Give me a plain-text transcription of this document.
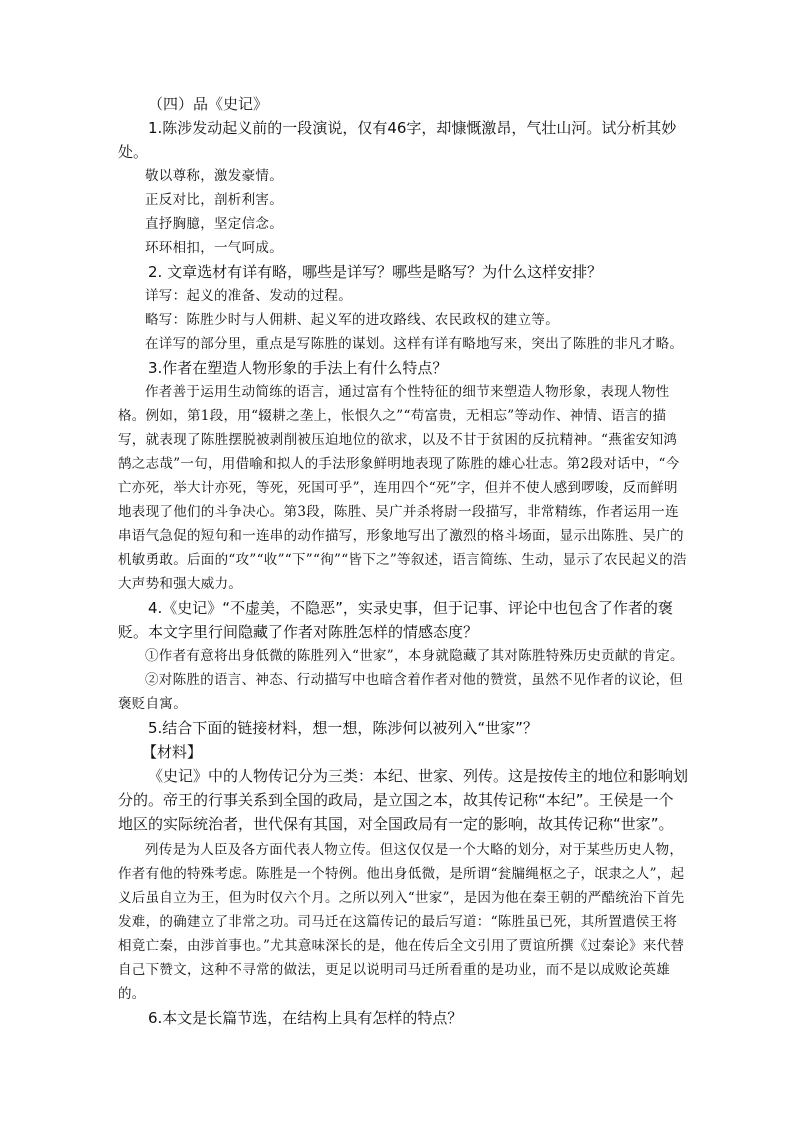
（四）品《史记》

1.陈涉发动起义前的一段演说，仅有46字，却慷慨激昂，气壮山河。试分析其妙处。

敬以尊称，激发豪情。

正反对比，剖析利害。

直抒胸臆，坚定信念。

环环相扣，一气呵成。

2. 文章选材有详有略，哪些是详写？哪些是略写？为什么这样安排？

详写：起义的准备、发动的过程。

略写：陈胜少时与人佣耕、起义军的进攻路线、农民政权的建立等。

在详写的部分里，重点是写陈胜的谋划。这样有详有略地写来，突出了陈胜的非凡才略。

3.作者在塑造人物形象的手法上有什么特点？

作者善于运用生动简练的语言，通过富有个性特征的细节来塑造人物形象，表现人物性格。例如，第1段，用“辍耕之垄上，怅恨久之”“苟富贵，无相忘”等动作、神情、语言的描写，就表现了陈胜摆脱被剥削被压迫地位的欲求，以及不甘于贫困的反抗精神。“燕雀安知鸿鹄之志哉”一句，用借喻和拟人的手法形象鲜明地表现了陈胜的雄心壮志。第2段对话中，“今亡亦死，举大计亦死，等死，死国可乎”，连用四个“死”字，但并不使人感到啰唆，反而鲜明地表现了他们的斗争决心。第3段，陈胜、吴广并杀将尉一段描写，非常精练，作者运用一连串语气急促的短句和一连串的动作描写，形象地写出了激烈的格斗场面，显示出陈胜、吴广的机敏勇敢。后面的“攻”“收”“下”“徇”“皆下之”等叙述，语言简练、生动，显示了农民起义的浩大声势和强大威力。

4.《史记》“不虚美，不隐恶”，实录史事，但于记事、评论中也包含了作者的褒贬。本文字里行间隐藏了作者对陈胜怎样的情感态度？

①作者有意将出身低微的陈胜列入“世家”，本身就隐藏了其对陈胜特殊历史贡献的肯定。

②对陈胜的语言、神态、行动描写中也暗含着作者对他的赞赏，虽然不见作者的议论，但褒贬自寓。

5.结合下面的链接材料，想一想，陈涉何以被列入“世家”？

【材料】

《史记》中的人物传记分为三类：本纪、世家、列传。这是按传主的地位和影响划分的。帝王的行事关系到全国的政局，是立国之本，故其传记称“本纪”。王侯是一个地区的实际统治者，世代保有其国，对全国政局有一定的影响，故其传记称“世家”。

列传是为人臣及各方面代表人物立传。但这仅仅是一个大略的划分，对于某些历史人物，作者有他的特殊考虑。陈胜是一个特例。他出身低微，是所谓“瓮牖绳枢之子，氓隶之人”，起义后虽自立为王，但为时仅六个月。之所以列入“世家”，是因为他在秦王朝的严酷统治下首先发难，的确建立了非常之功。司马迁在这篇传记的最后写道：“陈胜虽已死，其所置遣侯王将相竟亡秦，由涉首事也。”尤其意味深长的是，他在传后全文引用了贾谊所撰《过秦论》来代替自己下赞文，这种不寻常的做法，更足以说明司马迁所看重的是功业，而不是以成败论英雄的。

6.本文是长篇节选，在结构上具有怎样的特点？
